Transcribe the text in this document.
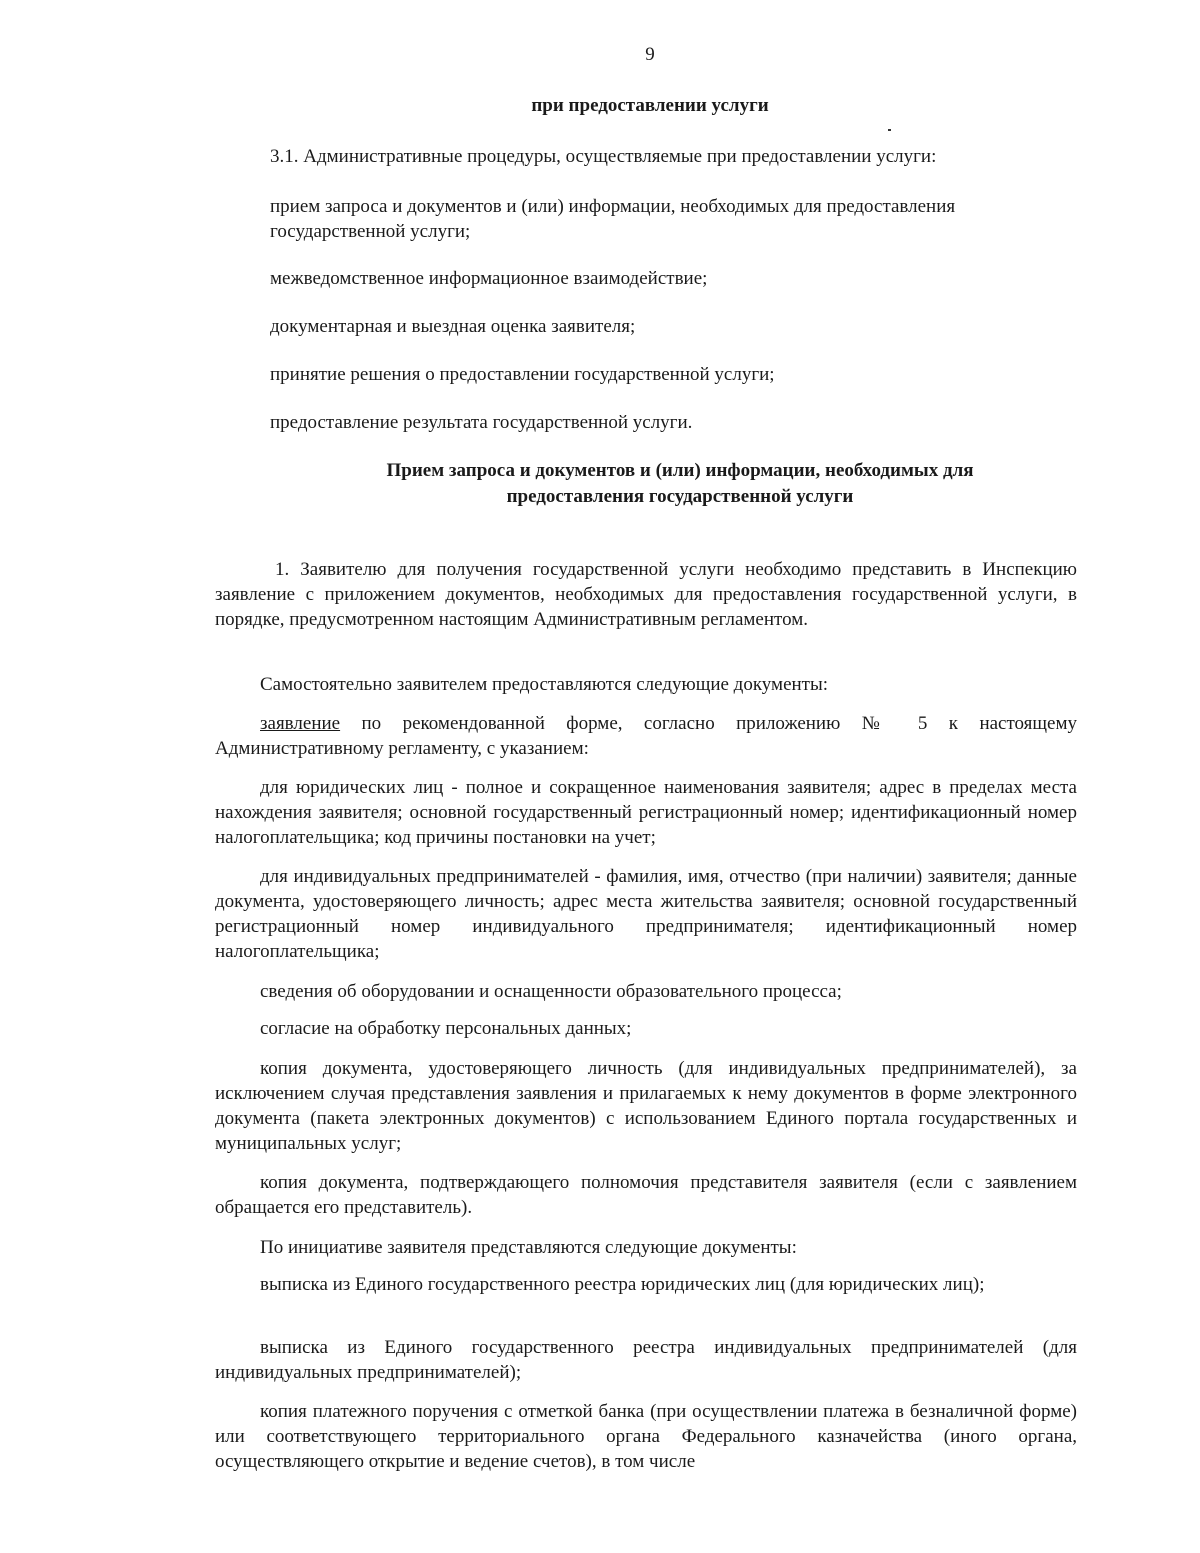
9

при предоставлении услуги

3.1. Административные процедуры, осуществляемые при предоставлении услуги:

прием запроса и документов и (или) информации, необходимых для предоставления государственной услуги;

межведомственное информационное взаимодействие;

документарная и выездная оценка заявителя;

принятие решения о предоставлении государственной услуги;

предоставление результата государственной услуги.

Прием запроса и документов и (или) информации, необходимых для
предоставления государственной услуги

1. Заявителю для получения государственной услуги необходимо представить в Инспекцию заявление с приложением документов, необходимых для предоставления государственной услуги, в порядке, предусмотренном настоящим Административным регламентом.

Самостоятельно заявителем предоставляются следующие документы:

заявление по рекомендованной форме, согласно приложению № 5 к настоящему Административному регламенту, с указанием:

для юридических лиц - полное и сокращенное наименования заявителя; адрес в пределах места нахождения заявителя; основной государственный регистрационный номер; идентификационный номер налогоплательщика; код причины постановки на учет;

для индивидуальных предпринимателей - фамилия, имя, отчество (при наличии) заявителя; данные документа, удостоверяющего личность; адрес места жительства заявителя; основной государственный регистрационный номер индивидуального предпринимателя; идентификационный номер налогоплательщика;

сведения об оборудовании и оснащенности образовательного процесса;

согласие на обработку персональных данных;

копия документа, удостоверяющего личность (для индивидуальных предпринимателей), за исключением случая представления заявления и прилагаемых к нему документов в форме электронного документа (пакета электронных документов) с использованием Единого портала государственных и муниципальных услуг;

копия документа, подтверждающего полномочия представителя заявителя (если с заявлением обращается его представитель).

По инициативе заявителя представляются следующие документы:

выписка из Единого государственного реестра юридических лиц (для юридических лиц);

выписка из Единого государственного реестра индивидуальных предпринимателей (для индивидуальных предпринимателей);

копия платежного поручения с отметкой банка (при осуществлении платежа в безналичной форме) или соответствующего территориального органа Федерального казначейства (иного органа, осуществляющего открытие и ведение счетов), в том числе
